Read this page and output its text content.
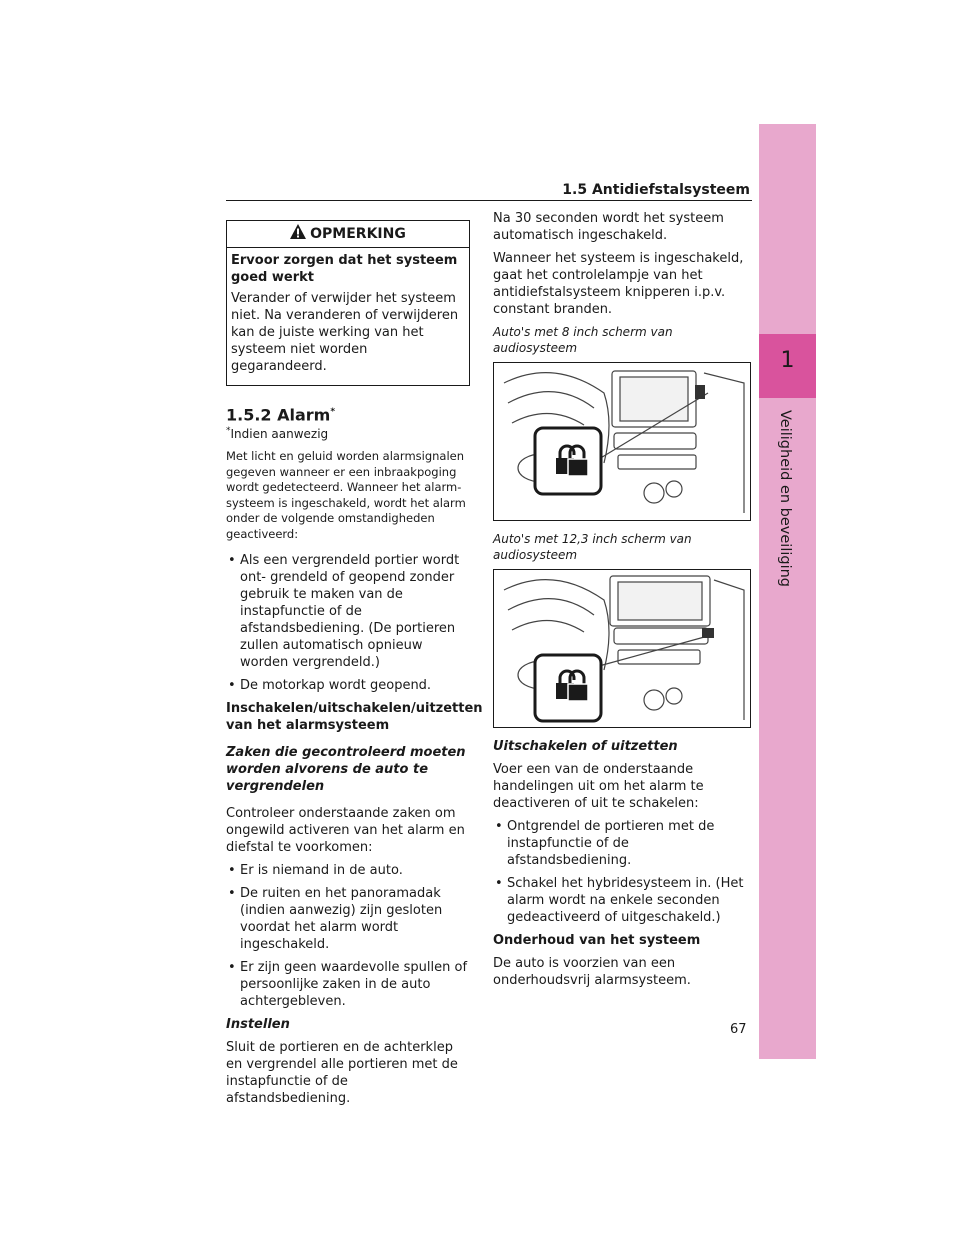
1
Veiligheid en beveiliging
1.5 Antidiefstalsysteem
OPMERKING

Ervoor zorgen dat het systeem goed werkt

Verander of verwijder het systeem niet. Na veranderen of verwijderen kan de juiste werking van het systeem niet worden gegarandeerd.

1.5.2 Alarm*

*Indien aanwezig

Met licht en geluid worden alarmsignalen gegeven wanneer er een inbraakpoging wordt gedetecteerd. Wanneer het alarm- systeem is ingeschakeld, wordt het alarm onder de volgende omstandigheden geactiveerd:

• Als een vergrendeld portier wordt ont- grendeld of geopend zonder gebruik te maken van de instapfunctie of de afstandsbediening. (De portieren zullen automatisch opnieuw worden vergrendeld.)

• De motorkap wordt geopend.

Inschakelen/uitschakelen/uitzetten van het alarmsysteem

Zaken die gecontroleerd moeten worden alvorens de auto te vergrendelen

Controleer onderstaande zaken om ongewild activeren van het alarm en diefstal te voorkomen:

• Er is niemand in de auto.

• De ruiten en het panoramadak (indien aanwezig) zijn gesloten voordat het alarm wordt ingeschakeld.

• Er zijn geen waardevolle spullen of persoonlijke zaken in de auto achtergebleven.

Instellen

Sluit de portieren en de achterklep en vergrendel alle portieren met de instapfunctie of de afstandsbediening.

Na 30 seconden wordt het systeem automatisch ingeschakeld.

Wanneer het systeem is ingeschakeld, gaat het controlelampje van het antidiefstalsysteem knipperen i.p.v. constant branden.

Auto's met 8 inch scherm van audiosysteem

Auto's met 12,3 inch scherm van audiosysteem

Uitschakelen of uitzetten

Voer een van de onderstaande handelingen uit om het alarm te deactiveren of uit te schakelen:

• Ontgrendel de portieren met de instapfunctie of de afstandsbediening.

• Schakel het hybridesysteem in. (Het alarm wordt na enkele seconden gedeactiveerd of uitgeschakeld.)

Onderhoud van het systeem

De auto is voorzien van een onderhoudsvrij alarmsysteem.

67
